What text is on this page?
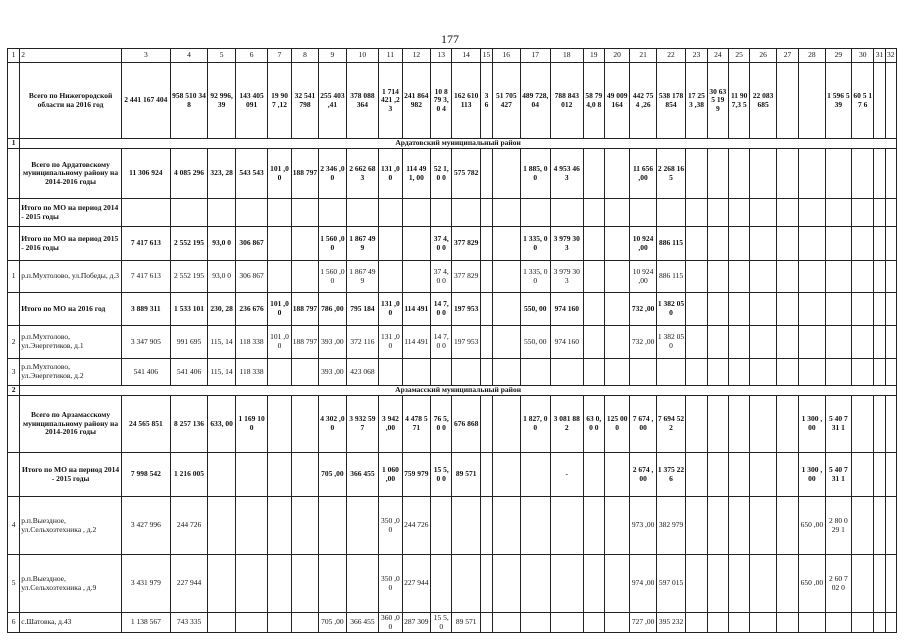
177
1	2	3	4	5	6	7	8	9	10	11	12	13	14	15	16	17	18	19	20	21	22	23	24	25	26	27	28	29	30	31	32
	Всего по Нижегородской области на 2016 год	2 441 167 404	958 510 348	92 996, 39	143 405 091	19 907 ,12	32 541 798	255 403 ,41	378 088 364	1 714 421 ,23	241 864 982	10 8 79 3,0 4	162 610 113	3 6	51 705 427	489 728, 04	788 843 012	58 79 4,0 8	49 009 164	442 754 ,26	538 178 854	17 253 ,38	30 63 5 19 9	11 90 7,3 5	22 083 685			1 596 539	60 5 17 6		
1	Ардатовский муниципальный район																														
	Всего по Ардатовскому муниципальному району на 2014-2016 годы	11 306 924	4 085 296	323, 28	543 543	101 ,00	188 797	2 346 ,00	2 662 683	131 ,00	114 491, 00	52 1,0 0	575 782			1 885, 00	4 953 463			11 656 ,00	2 268 165										
	Итого по МО на период 2014 - 2015 годы																														
	Итого по МО на период 2015 - 2016 годы	7 417 613	2 552 195	93,0 0	306 867			1 560 ,00	1 867 499			37 4,0 0	377 829			1 335, 00	3 979 303			10 924 ,00	886 115										
1	р.п.Мухтолово, ул.Победы, д.3	7 417 613	2 552 195	93,0 0	306 867			1 560 ,00	1 867 499			37 4,0 0	377 829			1 335, 00	3 979 303			10 924 ,00	886 115										
	Итого по МО на 2016 год	3 889 311	1 533 101	230, 28	236 676	101 ,00	188 797	786 ,00	795 184	131 ,00	114 491	14 7,0 0	197 953			550, 00	974 160			732 ,00	1 382 050										
2	р.п.Мухтолово, ул.Энергетиков, д.1	3 347 905	991 695	115, 14	118 338	101 ,00	188 797	393 ,00	372 116	131 ,00	114 491	14 7,0 0	197 953			550, 00	974 160			732 ,00	1 382 050										
3	р.п.Мухтолово, ул.Энергетиков, д.2	541 406	541 406	115, 14	118 338			393 ,00	423 068																						
2	Арзамасский муниципальный район																														
	Всего по Арзамасскому муниципальному району на 2014-2016 годы	24 565 851	8 257 136	633, 00	1 169 100			4 302 ,00	3 932 597	3 942 ,00	4 478 571	76 5,0 0	676 868			1 827, 00	3 081 882	63 0,0 0	125 000	7 674 ,00	7 694 522						1 300 ,00	5 40 7 31 1			
	Итого по МО на период 2014 - 2015 годы	7 998 542	1 216 005					705 ,00	366 455	1 060 ,00	759 979	15 5,0 0	89 571				-			2 674 ,00	1 375 226						1 300 ,00	5 40 7 31 1			
4	р.п.Выездное, ул.Сельхозтехника , д.2	3 427 996	244 726							350 ,00	244 726									973 ,00	382 979						650 ,00	2 80 0 29 1			
5	р.п.Выездное, ул.Сельхозтехника , д.9	3 431 979	227 944							350 ,00	227 944									974 ,00	597 015						650 ,00	2 60 7 02 0			
6	с.Шатовка, д.43	1 138 567	743 335					705 ,00	366 455	360 ,00	287 309	15 5,0	89 571							727 ,00	395 232										
